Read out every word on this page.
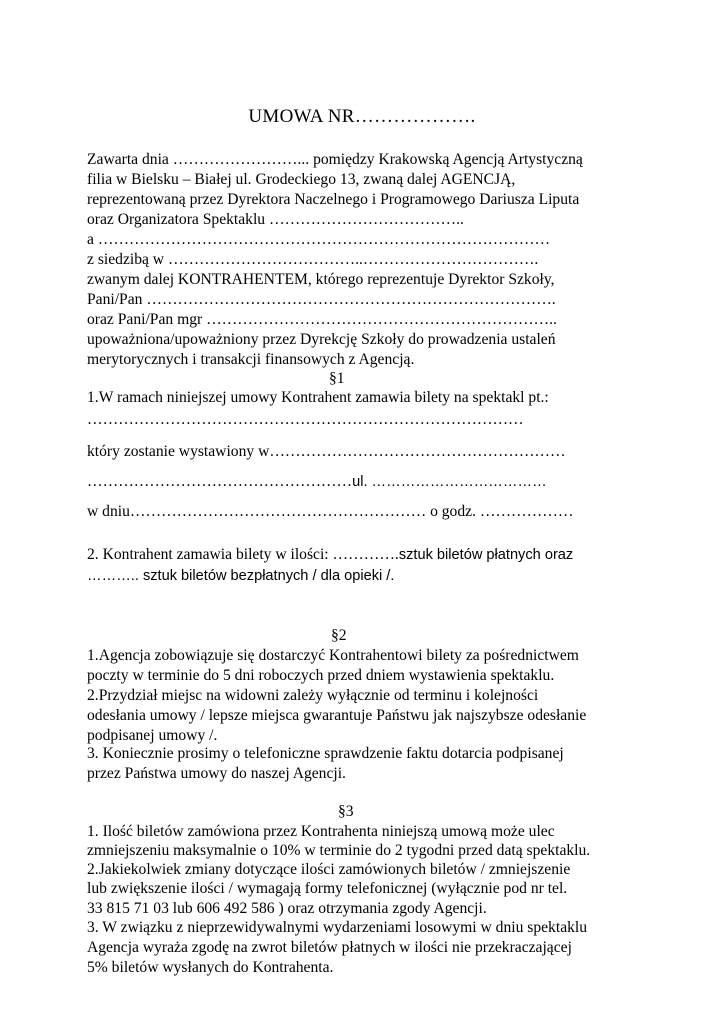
UMOWA NR……………….
Zawarta dnia ……………………... pomiędzy Krakowską Agencją Artystyczną
filia w Bielsku – Białej ul. Grodeckiego 13, zwaną dalej AGENCJĄ,
reprezentowaną przez Dyrektora Naczelnego i Programowego Dariusza Liputa
oraz Organizatora Spektaklu ………………………………..
a ……………………………………………………………………………
z siedzibą w ………………………………..…………………………….
zwanym dalej KONTRAHENTEM, którego reprezentuje Dyrektor Szkoły,
Pani/Pan …………………………………………………………………….
oraz Pani/Pan mgr …………………………………………………………..
upoważniona/upoważniony przez Dyrekcję Szkoły do prowadzenia ustaleń
merytorycznych i transakcji finansowych z Agencją.
§1
1.W ramach niniejszej umowy Kontrahent zamawia bilety na spektakl pt.:
…………………………………………………………………………
który zostanie wystawiony w…………………………………………………
……………………………………………ul. ………………………………
w dniu………………………………………………… o godz. ………………
2. Kontrahent zamawia bilety w ilości: ………….sztuk biletów płatnych oraz
……….. sztuk biletów bezpłatnych / dla opieki /.
§2
1.Agencja zobowiązuje się dostarczyć Kontrahentowi bilety za pośrednictwem
poczty w terminie do 5 dni roboczych przed dniem wystawienia spektaklu.
2.Przydział miejsc na widowni zależy wyłącznie od terminu i kolejności
odesłania umowy / lepsze miejsca gwarantuje Państwu jak najszybsze odesłanie
podpisanej umowy /.
3. Koniecznie prosimy o telefoniczne sprawdzenie faktu dotarcia podpisanej
przez Państwa umowy do naszej Agencji.
§3
1. Ilość biletów zamówiona przez Kontrahenta niniejszą umową może ulec
zmniejszeniu maksymalnie o 10% w terminie do 2 tygodni przed datą spektaklu.
2.Jakiekolwiek zmiany dotyczące ilości zamówionych biletów / zmniejszenie
lub zwiększenie ilości / wymagają formy telefonicznej (wyłącznie pod nr tel.
33 815 71 03 lub 606 492 586 ) oraz otrzymania zgody Agencji.
3. W związku z nieprzewidywalnymi wydarzeniami losowymi w dniu spektaklu
Agencja wyraża zgodę na zwrot biletów płatnych w ilości nie przekraczającej
5% biletów wysłanych do Kontrahenta.
